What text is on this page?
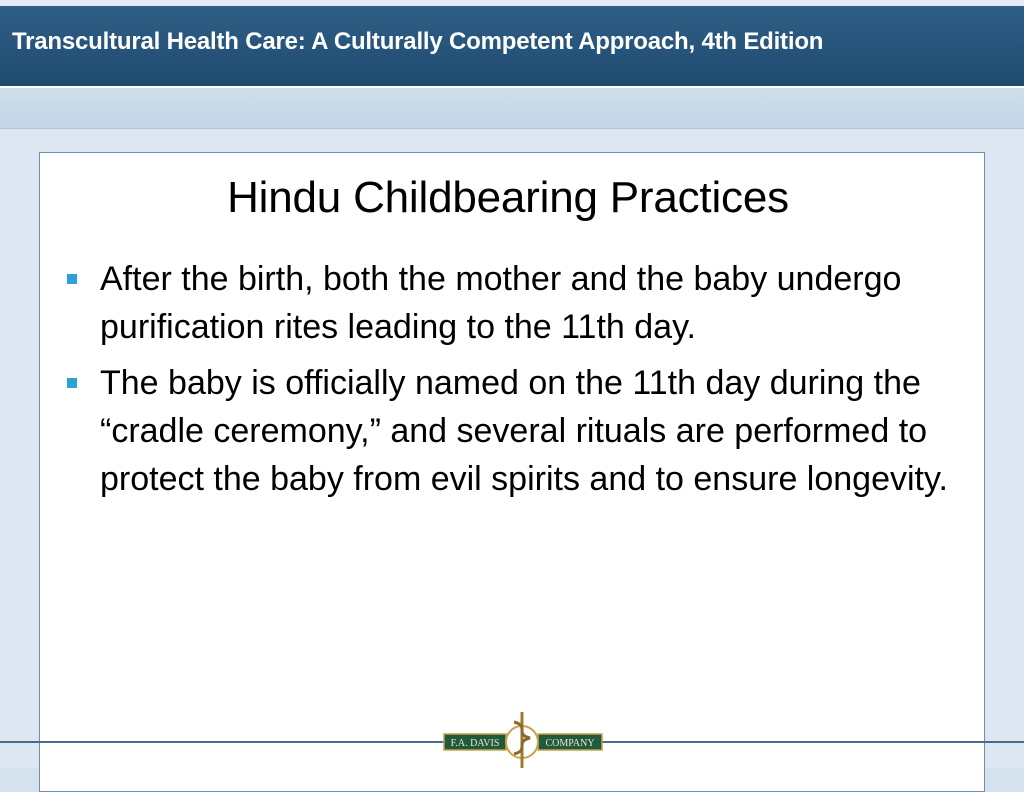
Transcultural Health Care: A Culturally Competent Approach, 4th Edition
Hindu Childbearing Practices
After the birth, both the mother and the baby undergo purification rites leading to the 11th day.
The baby is officially named on the 11th day during the “cradle ceremony,” and several rituals are performed to protect the baby from evil spirits and to ensure longevity.
F.A. DAVIS	COMPANY
